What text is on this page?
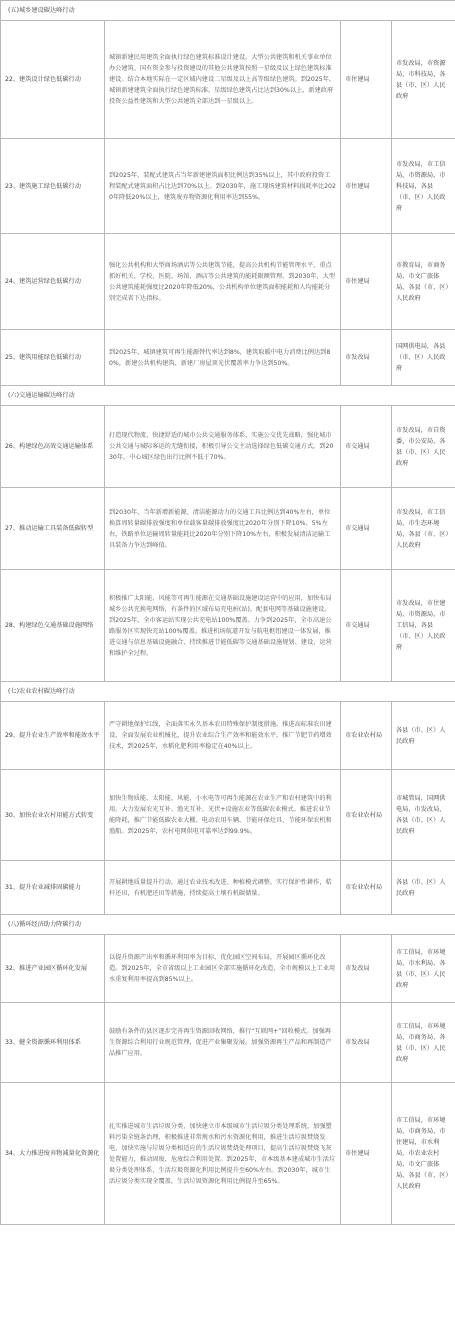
(五)城乡建设碳达峰行动			
22、建筑设计绿色低碳行动	城镇新建民用建筑全面执行绿色建筑标准设计建设。大型公共建筑和机关事业单位办公建筑、国有资金参与投资建设的其他公共建筑按照一星级及以上绿色建筑标准建设。结合本地实际在一定区域内建设二星级及以上高等级绿色建筑。到2025年，城镇新建建筑全面执行绿色建筑标准，星级绿色建筑占比达到30%以上，新建政府投资公益性建筑和大型公共建筑全部达到一星级以上。	市住建局	市发改局，市资源局，市科技局，各县（市、区）人民政府
23、建筑施工绿色低碳行动	到2025年，装配式建筑占当年新建建筑面积比例达到35%以上，其中政府投资工程装配式建筑面积占比达到70%以上。到2030年，施工现场建筑材料损耗率比2020年降低20%以上，建筑废弃物资源化利用率达到55%。	市住建局	市发改局，市工信局，市资源局，市科技局，各县（市、区）人民政府
24、建筑运营绿色低碳行动	强化公共机构和大型商场酒店等公共建筑节能，提高公共机构节能管理水平，重点抓好机关、学校、医院、场馆、酒店等公共建筑的能耗限额管理。到2030年，大型公共建筑能耗强度比2020年降低20%，公共机构单位建筑面积能耗和人均能耗分别完成省下达指标。	市住建局	市教育局，市商务局，市文广旅体局，各县（市、区）人民政府
25、建筑用能绿色低碳行动	到2025年，城镇建筑可再生能源替代率达到8%，建筑取暖中电力消费比例达到80%，新建公共机构建筑、新建厂房屋顶光伏覆盖率力争达到50%。	市发改局	国网供电局，各县（市、区）人民政府
(六)交通运输碳达峰行动			
26、构建绿色高效交通运输体系	打造现代物流、快捷舒适的城市公共交通服务体系，实施公交优先战略，强化城市公共交通与城际客运的无缝衔接，积极引导公交主动选择绿色低碳交通方式。到2030年，中心城区绿色出行比例不低于70%。	市交通局	市发改局，市自资委，市公安局，各县（市、区）人民政府
27、推动运输工具装备低碳转型	到2030年，当年新增新能源、清洁能源动力的交通工具比例达到40%左右，单位换算周转量碳排放强度和单位载客量碳排放强度比2020年分别下降10%、5%左右，铁路单位运输周转量能耗比2020年分别下降10%左右，积极发展清洁运输工具装备力争达到峰值。	市交通局	市发改局，市工信局，市生态环境局，各县（市、区）人民政府
28、构建绿色交通基础设施网络	积极推广太阳能、风能等可再生能源在交通基础设施建设运营中的应用，加快布局城乡公共充换电网络，有条件的区域布局充电桩(站)，配套电网等基础设施建设。到2025年，全市客运站实现公共充电站100%覆盖。力争到2025年，全市高速公路服务区实现快充站100%覆盖。推进机场航道开发与航电枢纽建设一体发展，推进交通与信息基础设施融合，持续推进节能低碳等交通基础设施规划、建设、运营和维护全过程。	市交通局	市发改局，市住建局，市资源局，市工信局，各县（市、区）人民政府
(七)农业农村碳达峰行动			
29、提升农业生产效率和能效水平	严守耕地保护红线，全面落实永久基本农田特殊保护制度措施。推进高标准农田建设，全面发展农业机械化，提升农业综合生产效率和能效水平，推广节肥节药增效技术，到2025年，水稻化肥利用率稳定在40%以上。	市农业农村局	各县（市、区）人民政府
30、加快农业农村用能方式转变	加快生物质能、太阳能、风能、小水电等可再生能源在农业生产和农村建筑中的利用。大力发展农光互补、渔光互补、光伏+设施农业等低碳农业模式。推进农业节能降耗，推广节能低碳农业大棚、电动农用车辆、节能环保灶具、节能环保农机和渔船。到2025年，农村电网供电可靠率达到99.9%。	市农业农村局	市城管局，国网供电局，市发改局，各县（市、区）人民政府
31、提升农业减排固碳能力	开展耕地质量提升行动，通过农业技术改进、种植模式调整，实行保护性耕作，秸秆还田，有机肥还田等措施，持续提高土壤有机碳储量。	市农业农村局	各县（市、区）人民政府
(八)循环经济助力降碳行动			
32、推进产业园区循环化发展	以提升资源产出率和循环利用率为目标，优化园区空间布局，开展园区循环化改造。到2025年，全市省级以上工业园区全部实施循环化改造，全市规模以上工业用水重复利用率提高到85%以上。	市发改局	市工信局，市环境局，市水利局，各县（市、区）人民政府
33、健全资源循环利用体系	鼓励有条件的县区逐步完善再生资源回收网络，推行“互联网+”回收模式。加强再生资源综合利用行业规范管理，促进产业集聚发展。加强资源再生产品和再制造产品推广应用。	市发改局	市工信局，市环境局，市商务局，各县（市、区）人民政府
34、大力推进废弃物减量化资源化	扎实推进城市生活垃圾分类，加快建立市本级城市生活垃圾分类处理系统，加强塑料污染全链条治理，积极推进非常规水和污水资源化利用，推进生活垃圾焚烧发电，加快实施与垃圾分类相适应的生活垃圾焚烧处理项目，提高生活垃圾焚烧飞灰处置能力，推动固废、危废综合利用处置。到2025年，市本级基本建成城市生活垃圾分类处理体系，生活垃圾资源化利用比例提升至60%左右。到2030年，城市生活垃圾分类实现全覆盖，生活垃圾资源化利用比例提升至65%。	市住建局	市工信局，市环境局，市商务局，市住建局，市水利局，市农业农村局，市文广旅体局，各县（市、区）人民政府
